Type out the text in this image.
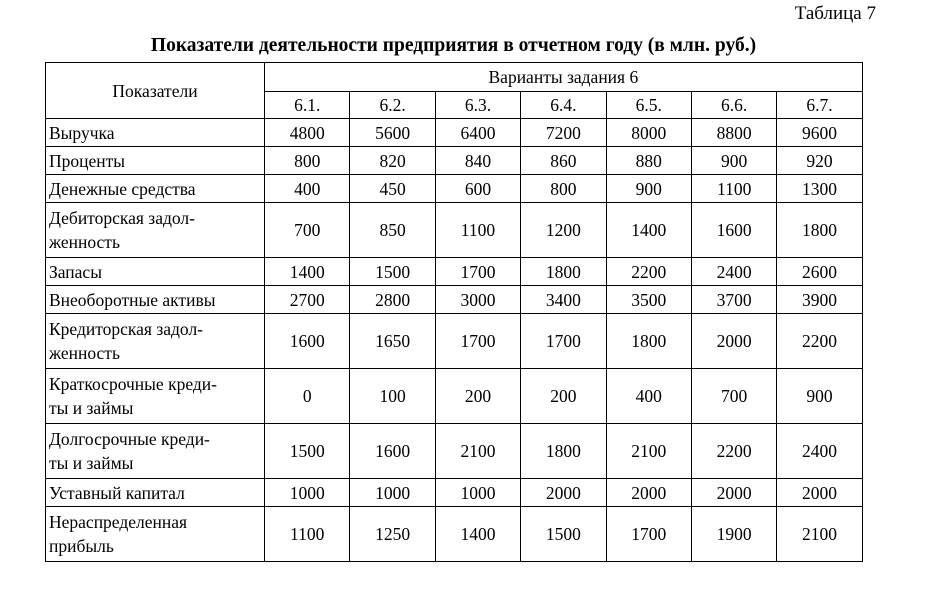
Таблица 7
Показатели деятельности предприятия в отчетном году (в млн. руб.)
Показатели	Варианты задания 6						
	6.1.	6.2.	6.3.	6.4.	6.5.	6.6.	6.7.

Выручка	4800	5600	6400	7200	8000	8800	9600

Проценты	800	820	840	860	880	900	920

Денежные средства	400	450	600	800	900	1100	1300

Дебиторская задол-
женность	700	850	1100	1200	1400	1600	1800

Запасы	1400	1500	1700	1800	2200	2400	2600

Внеоборотные активы	2700	2800	3000	3400	3500	3700	3900

Кредиторская задол-
женность	1600	1650	1700	1700	1800	2000	2200

Краткосрочные креди-
ты и займы	0	100	200	200	400	700	900

Долгосрочные креди-
ты и займы	1500	1600	2100	1800	2100	2200	2400

Уставный капитал	1000	1000	1000	2000	2000	2000	2000

Нераспределенная
прибыль	1100	1250	1400	1500	1700	1900	2100
